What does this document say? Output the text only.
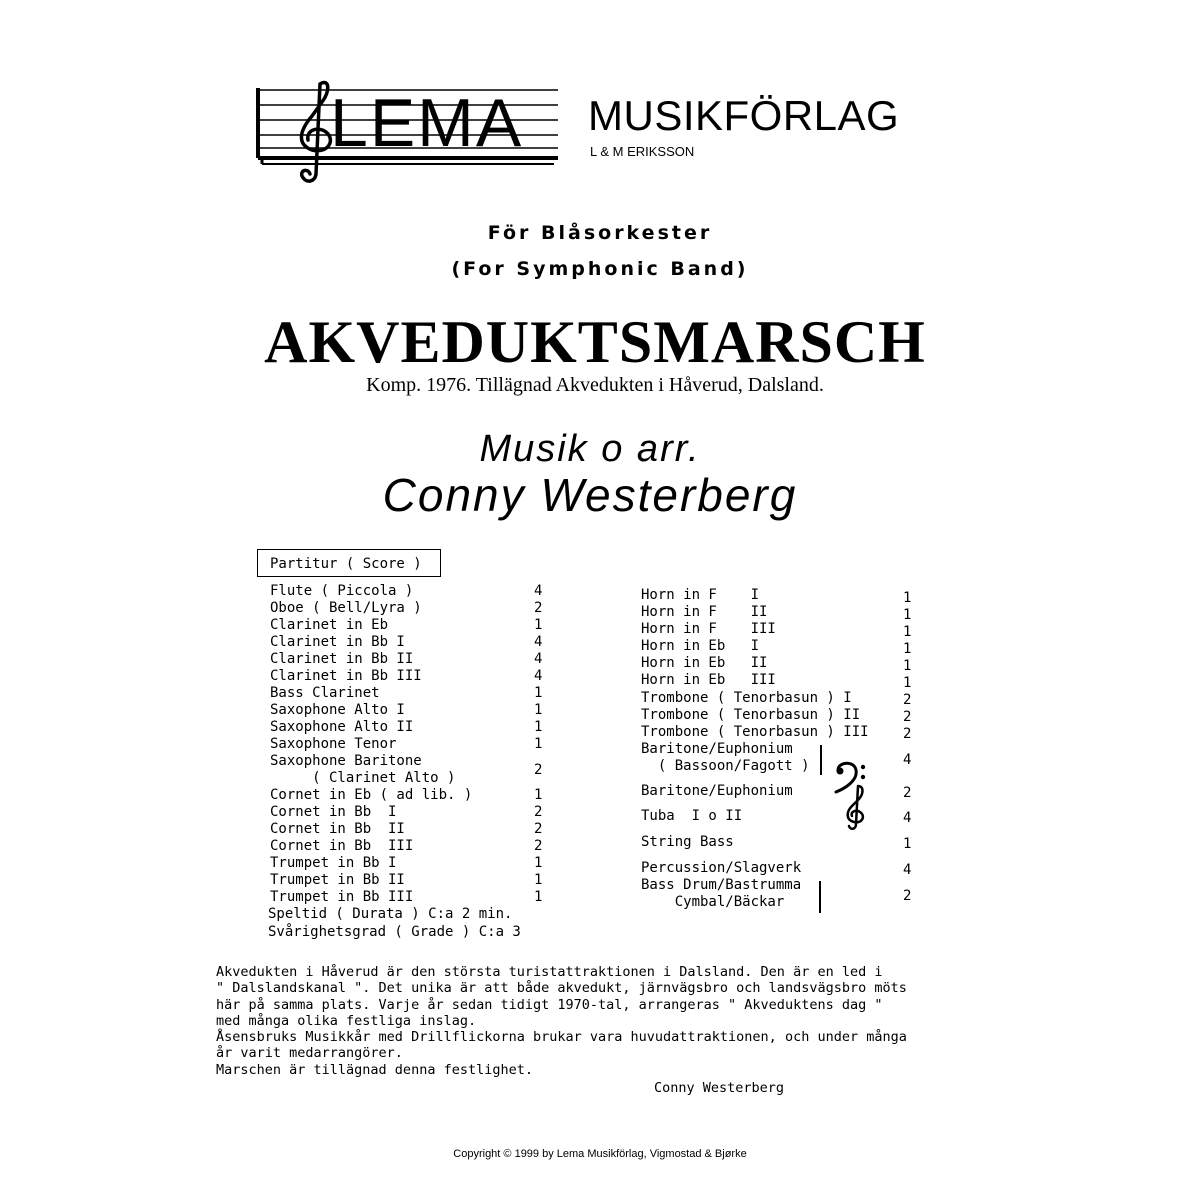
LEMA MUSIKFÖRLAG
L & M ERIKSSON
För Blåsorkester
(For Symphonic Band)
AKVEDUKTSMARSCH
Komp. 1976. Tillägnad Akvedukten i Håverud, Dalsland.
Musik o arr.
Conny Westerberg
Partitur ( Score )
Flute ( Piccola )	4
Oboe ( Bell/Lyra )	2
Clarinet in Eb	1
Clarinet in Bb I	4
Clarinet in Bb II	4
Clarinet in Bb III	4
Bass Clarinet	1
Saxophone Alto I	1
Saxophone Alto II	1
Saxophone Tenor	1
Saxophone Baritone
( Clarinet Alto )	2
Cornet in Eb ( ad lib. )	1
Cornet in Bb  I	2
Cornet in Bb  II	2
Cornet in Bb  III	2
Trumpet in Bb I	1
Trumpet in Bb II	1
Trumpet in Bb III	1
Horn in F    I	1
Horn in F    II	1
Horn in F    III	1
Horn in Eb   I	1
Horn in Eb   II	1
Horn in Eb   III	1
Trombone ( Tenorbasun ) I	2
Trombone ( Tenorbasun ) II	2
Trombone ( Tenorbasun ) III 2
Baritone/Euphonium
( Bassoon/Fagott )	4
Baritone/Euphonium	2
Tuba  I o II	4
String Bass	1
Percussion/Slagverk	4
Bass Drum/Bastrumma
Cymbal/Bäckar	2
Speltid ( Durata ) C:a 2 min.
Svårighetsgrad ( Grade ) C:a 3

Akvedukten i Håverud är den största turistattraktionen i Dalsland. Den är en led i
" Dalslandskanal ". Det unika är att både akvedukt, järnvägsbro och landsvägsbro möts
här på samma plats. Varje år sedan tidigt 1970-tal, arrangeras " Akveduktens dag "
med många olika festliga inslag.
Åsensbruks Musikkår med Drillflickorna brukar vara huvudattraktionen, och under många
år varit medarrangörer.
Marschen är tillägnad denna festlighet.
Conny Westerberg
Copyright © 1999 by Lema Musikförlag, Vigmostad & Bjørke
